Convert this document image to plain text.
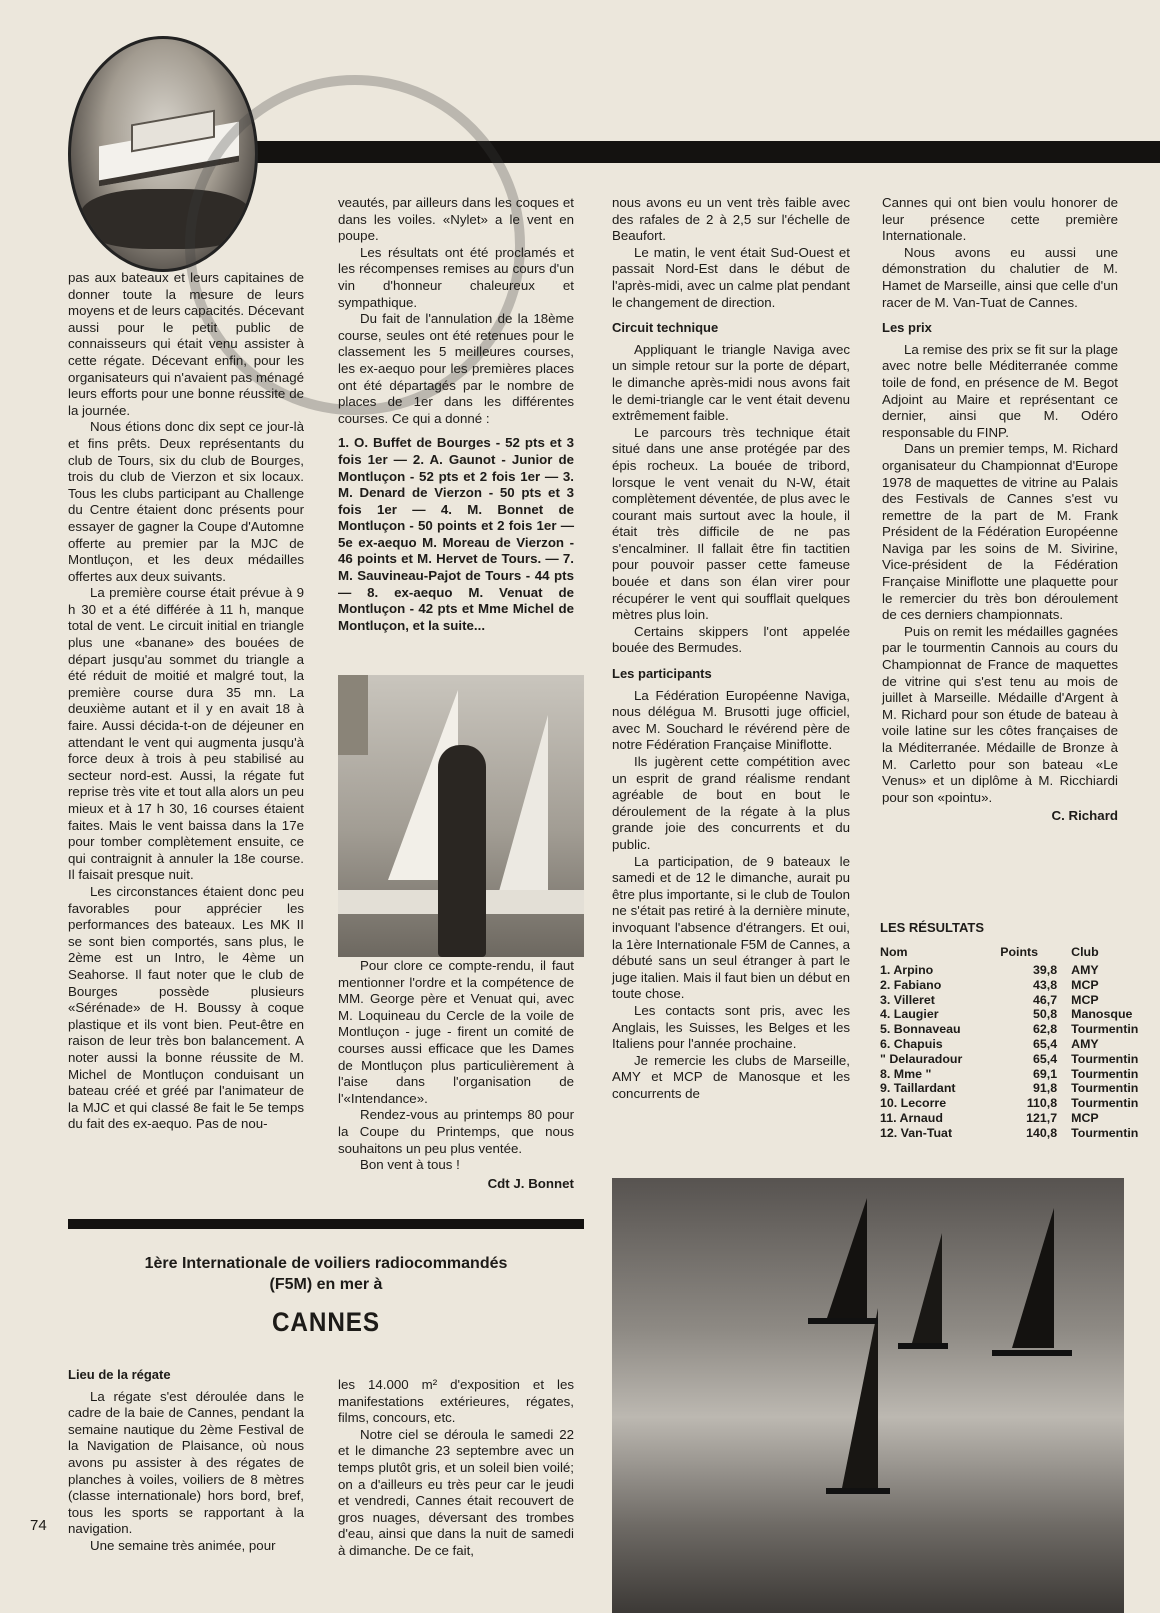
pas aux bateaux et leurs capitaines de donner toute la mesure de leurs moyens et de leurs capacités. Décevant aussi pour le petit public de connaisseurs qui était venu assister à cette régate. Décevant enfin, pour les organisateurs qui n'avaient pas ménagé leurs efforts pour une bonne réussite de la journée.

Nous étions donc dix sept ce jour-là et fins prêts. Deux représentants du club de Tours, six du club de Bourges, trois du club de Vierzon et six locaux. Tous les clubs participant au Challenge du Centre étaient donc présents pour essayer de gagner la Coupe d'Automne offerte au premier par la MJC de Montluçon, et les deux médailles offertes aux deux suivants.

La première course était prévue à 9 h 30 et a été différée à 11 h, manque total de vent. Le circuit initial en triangle plus une «banane» des bouées de départ jusqu'au sommet du triangle a été réduit de moitié et malgré tout, la première course dura 35 mn. La deuxième autant et il y en avait 18 à faire. Aussi décida-t-on de déjeuner en attendant le vent qui augmenta jusqu'à force deux à trois à peu stabilisé au secteur nord-est. Aussi, la régate fut reprise très vite et tout alla alors un peu mieux et à 17 h 30, 16 courses étaient faites. Mais le vent baissa dans la 17e pour tomber complètement ensuite, ce qui contraignit à annuler la 18e course. Il faisait presque nuit.

Les circonstances étaient donc peu favorables pour apprécier les performances des bateaux. Les MK II se sont bien comportés, sans plus, le 2ème est un Intro, le 4ème un Seahorse. Il faut noter que le club de Bourges possède plusieurs «Sérénade» de H. Boussy à coque plastique et ils vont bien. Peut-être en raison de leur très bon balancement. A noter aussi la bonne réussite de M. Michel de Montluçon conduisant un bateau créé et gréé par l'animateur de la MJC et qui classé 8e fait le 5e temps du fait des ex-aequo. Pas de nou-

veautés, par ailleurs dans les coques et dans les voiles. «Nylet» a le vent en poupe.

Les résultats ont été proclamés et les récompenses remises au cours d'un vin d'honneur chaleureux et sympathique.

Du fait de l'annulation de la 18ème course, seules ont été retenues pour le classement les 5 meilleures courses, les ex-aequo pour les premières places ont été départagés par le nombre de places de 1er dans les différentes courses. Ce qui a donné :

1. O. Buffet de Bourges - 52 pts et 3 fois 1er — 2. A. Gaunot - Junior de Montluçon - 52 pts et 2 fois 1er — 3. M. Denard de Vierzon - 50 pts et 3 fois 1er — 4. M. Bonnet de Montluçon - 50 points et 2 fois 1er — 5e ex-aequo M. Moreau de Vierzon - 46 points et M. Hervet de Tours. — 7. M. Sauvineau-Pajot de Tours - 44 pts — 8. ex-aequo M. Venuat de Montluçon - 42 pts et Mme Michel de Montluçon, et la suite...

Pour clore ce compte-rendu, il faut mentionner l'ordre et la compétence de MM. George père et Venuat qui, avec M. Loquineau du Cercle de la voile de Montluçon - juge - firent un comité de courses aussi efficace que les Dames de Montluçon plus particulièrement à l'aise dans l'organisation de l'«Intendance».

Rendez-vous au printemps 80 pour la Coupe du Printemps, que nous souhaitons un peu plus ventée.

Bon vent à tous !

Cdt J. Bonnet

nous avons eu un vent très faible avec des rafales de 2 à 2,5 sur l'échelle de Beaufort.

Le matin, le vent était Sud-Ouest et passait Nord-Est dans le début de l'après-midi, avec un calme plat pendant le changement de direction.

Circuit technique

Appliquant le triangle Naviga avec un simple retour sur la porte de départ, le dimanche après-midi nous avons fait le demi-triangle car le vent était devenu extrêmement faible.

Le parcours très technique était situé dans une anse protégée par des épis rocheux. La bouée de tribord, lorsque le vent venait du N-W, était complètement déventée, de plus avec le courant mais surtout avec la houle, il était très difficile de ne pas s'encalminer. Il fallait être fin tactitien pour pouvoir passer cette fameuse bouée et dans son élan virer pour récupérer le vent qui soufflait quelques mètres plus loin.

Certains skippers l'ont appelée bouée des Bermudes.

Les participants

La Fédération Européenne Naviga, nous délégua M. Brusotti juge officiel, avec M. Souchard le révérend père de notre Fédération Française Miniflotte.

Ils jugèrent cette compétition avec un esprit de grand réalisme rendant agréable de bout en bout le déroulement de la régate à la plus grande joie des concurrents et du public.

La participation, de 9 bateaux le samedi et de 12 le dimanche, aurait pu être plus importante, si le club de Toulon ne s'était pas retiré à la dernière minute, invoquant l'absence d'étrangers. Et oui, la 1ère Internationale F5M de Cannes, a débuté sans un seul étranger à part le juge italien. Mais il faut bien un début en toute chose.

Les contacts sont pris, avec les Anglais, les Suisses, les Belges et les Italiens pour l'année prochaine.

Je remercie les clubs de Marseille, AMY et MCP de Manosque et les concurrents de

Cannes qui ont bien voulu honorer de leur présence cette première Internationale.

Nous avons eu aussi une démonstration du chalutier de M. Hamet de Marseille, ainsi que celle d'un racer de M. Van-Tuat de Cannes.

Les prix

La remise des prix se fit sur la plage avec notre belle Méditerranée comme toile de fond, en présence de M. Begot Adjoint au Maire et représentant ce dernier, ainsi que M. Odéro responsable du FINP.

Dans un premier temps, M. Richard organisateur du Championnat d'Europe 1978 de maquettes de vitrine au Palais des Festivals de Cannes s'est vu remettre de la part de M. Frank Président de la Fédération Européenne Naviga par les soins de M. Sivirine, Vice-président de la Fédération Française Miniflotte une plaquette pour le remercier du très bon déroulement de ces derniers championnats.

Puis on remit les médailles gagnées par le tourmentin Cannois au cours du Championnat de France de maquettes de vitrine qui s'est tenu au mois de juillet à Marseille. Médaille d'Argent à M. Richard pour son étude de bateau à voile latine sur les côtes françaises de la Méditerranée. Médaille de Bronze à M. Carletto pour son bateau «Le Venus» et un diplôme à M. Ricchiardi pour son «pointu».

C. Richard
LES RÉSULTATS
Nom	Points	Club
1. Arpino	39,8	AMY
2. Fabiano	43,8	MCP
3. Villeret	46,7	MCP
4. Laugier	50,8	Manosque
5. Bonnaveau	62,8	Tourmentin
6. Chapuis	65,4	AMY
" Delauradour	65,4	Tourmentin
8. Mme "	69,1	Tourmentin
9. Taillardant	91,8	Tourmentin
10. Lecorre	110,8	Tourmentin
11. Arnaud	121,7	MCP
12. Van-Tuat	140,8	Tourmentin
1ère Internationale de voiliers radiocommandés
(F5M) en mer à
CANNES
Lieu de la régate

La régate s'est déroulée dans le cadre de la baie de Cannes, pendant la semaine nautique du 2ème Festival de la Navigation de Plaisance, où nous avons pu assister à des régates de planches à voiles, voiliers de 8 mètres (classe internationale) hors bord, bref, tous les sports se rapportant à la navigation.

Une semaine très animée, pour

les 14.000 m² d'exposition et les manifestations extérieures, régates, films, concours, etc.

Notre ciel se déroula le samedi 22 et le dimanche 23 septembre avec un temps plutôt gris, et un soleil bien voilé; on a d'ailleurs eu très peur car le jeudi et vendredi, Cannes était recouvert de gros nuages, déversant des trombes d'eau, ainsi que dans la nuit de samedi à dimanche. De ce fait,

74
